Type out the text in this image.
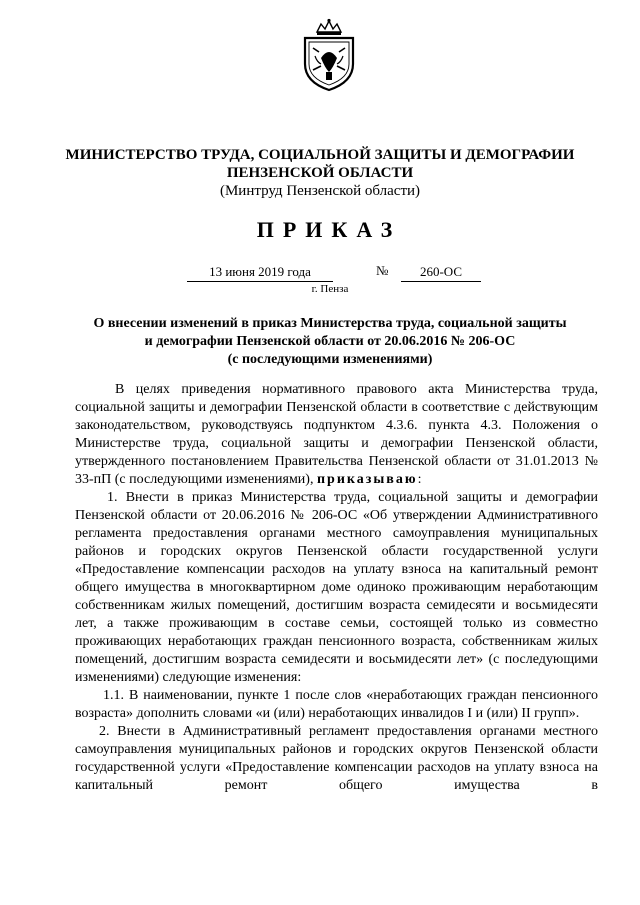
МИНИСТЕРСТВО ТРУДА, СОЦИАЛЬНОЙ ЗАЩИТЫ И ДЕМОГРАФИИ
ПЕНЗЕНСКОЙ ОБЛАСТИ
(Минтруд Пензенской области)
ПРИКАЗ
13 июня 2019 года	№	260-ОС
г. Пенза
О внесении изменений в приказ Министерства труда, социальной защиты
и демографии Пензенской области от 20.06.2016 № 206-ОС
(с последующими изменениями)

В целях приведения нормативного правового акта Министерства труда, социальной защиты и демографии Пензенской области в соответствие с действующим законодательством, руководствуясь подпунктом 4.3.6. пункта 4.3. Положения о Министерстве труда, социальной защиты и демографии Пензенской области, утвержденного постановлением Правительства Пензенской области от 31.01.2013 № 33-пП (с последующими изменениями), приказываю:

1. Внести в приказ Министерства труда, социальной защиты и демографии Пензенской области от 20.06.2016 № 206-ОС «Об утверждении Административного регламента предоставления органами местного самоуправления муниципальных районов и городских округов Пензенской области государственной услуги «Предоставление компенсации расходов на уплату взноса на капитальный ремонт общего имущества в многоквартирном доме одиноко проживающим неработающим собственникам жилых помещений, достигшим возраста семидесяти и восьмидесяти лет, а также проживающим в составе семьи, состоящей только из совместно проживающих неработающих граждан пенсионного возраста, собственникам жилых помещений, достигшим возраста семидесяти и восьмидесяти лет» (с последующими изменениями) следующие изменения:

1.1. В наименовании, пункте 1 после слов «неработающих граждан пенсионного возраста» дополнить словами «и (или) неработающих инвалидов I и (или) II групп».

2. Внести в Административный регламент предоставления органами местного самоуправления муниципальных районов и городских округов Пензенской области государственной услуги «Предоставление компенсации расходов на уплату взноса на капитальный ремонт общего имущества в
